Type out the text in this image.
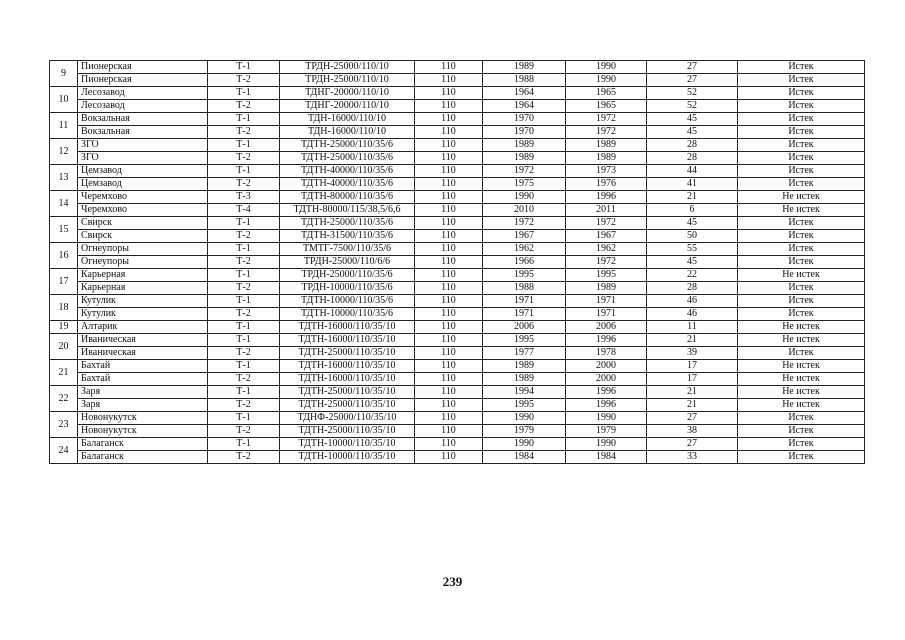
9	Пионерская	Т-1	ТРДН-25000/110/10	110	1989	1990	27	Истек
	Пионерская	Т-2	ТРДН-25000/110/10	110	1988	1990	27	Истек
10	Лесозавод	Т-1	ТДНГ-20000/110/10	110	1964	1965	52	Истек
	Лесозавод	Т-2	ТДНГ-20000/110/10	110	1964	1965	52	Истек
11	Вокзальная	Т-1	ТДН-16000/110/10	110	1970	1972	45	Истек
	Вокзальная	Т-2	ТДН-16000/110/10	110	1970	1972	45	Истек
12	ЗГО	Т-1	ТДТН-25000/110/35/6	110	1989	1989	28	Истек
	ЗГО	Т-2	ТДТН-25000/110/35/6	110	1989	1989	28	Истек
13	Цемзавод	Т-1	ТДТН-40000/110/35/6	110	1972	1973	44	Истек
	Цемзавод	Т-2	ТДТН-40000/110/35/6	110	1975	1976	41	Истек
14	Черемхово	Т-3	ТДТН-80000/110/35/6	110	1990	1996	21	Не истек
	Черемхово	Т-4	ТДТН-80000/115/38,5/6,6	110	2010	2011	6	Не истек
15	Свирск	Т-1	ТДТН-25000/110/35/6	110	1972	1972	45	Истек
	Свирск	Т-2	ТДТН-31500/110/35/6	110	1967	1967	50	Истек
16	Огнеупоры	Т-1	ТМТГ-7500/110/35/6	110	1962	1962	55	Истек
	Огнеупоры	Т-2	ТРДН-25000/110/6/6	110	1966	1972	45	Истек
17	Карьерная	Т-1	ТРДН-25000/110/35/6	110	1995	1995	22	Не истек
	Карьерная	Т-2	ТРДН-10000/110/35/6	110	1988	1989	28	Истек
18	Кутулик	Т-1	ТДТН-10000/110/35/6	110	1971	1971	46	Истек
	Кутулик	Т-2	ТДТН-10000/110/35/6	110	1971	1971	46	Истек
19	Алтарик	Т-1	ТДТН-16000/110/35/10	110	2006	2006	11	Не истек
20	Иваническая	Т-1	ТДТН-16000/110/35/10	110	1995	1996	21	Не истек
	Иваническая	Т-2	ТДТН-25000/110/35/10	110	1977	1978	39	Истек
21	Бахтай	Т-1	ТДТН-16000/110/35/10	110	1989	2000	17	Не истек
	Бахтай	Т-2	ТДТН-16000/110/35/10	110	1989	2000	17	Не истек
22	Заря	Т-1	ТДТН-25000/110/35/10	110	1994	1996	21	Не истек
	Заря	Т-2	ТДТН-25000/110/35/10	110	1995	1996	21	Не истек
23	Новонукутск	Т-1	ТДНФ-25000/110/35/10	110	1990	1990	27	Истек
	Новонукутск	Т-2	ТДТН-25000/110/35/10	110	1979	1979	38	Истек
24	Балаганск	Т-1	ТДТН-10000/110/35/10	110	1990	1990	27	Истек
	Балаганск	Т-2	ТДТН-10000/110/35/10	110	1984	1984	33	Истек
239
